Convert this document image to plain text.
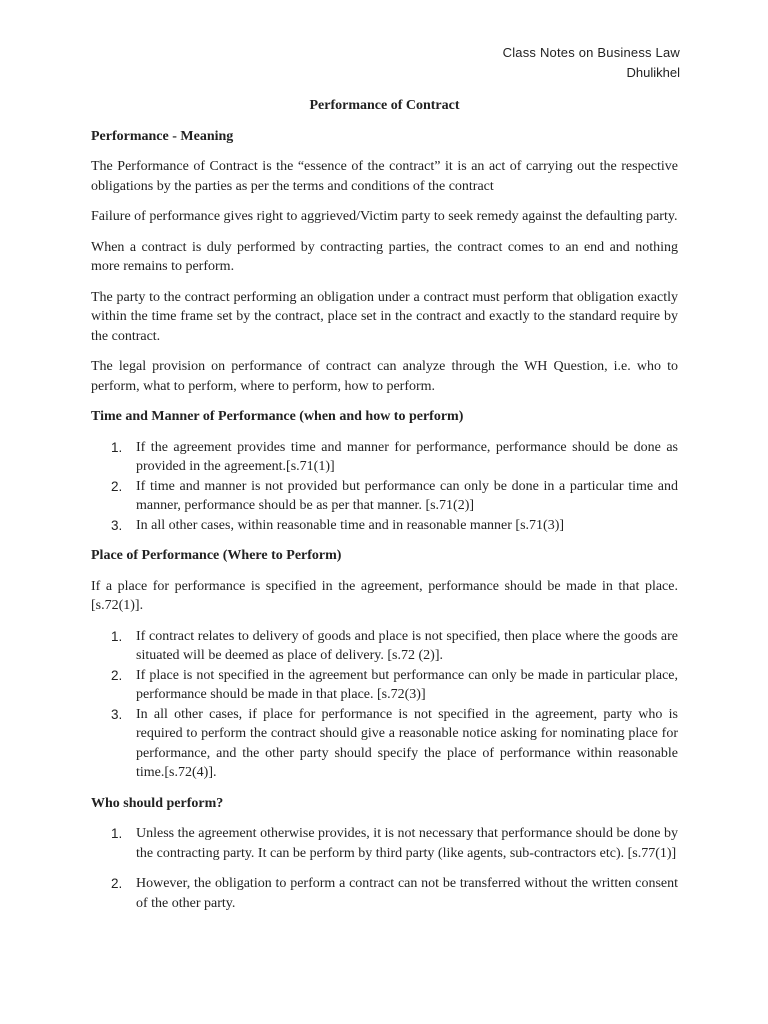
Class Notes on Business Law
Dhulikhel
Performance of Contract
Performance - Meaning

The Performance of Contract is the “essence of the contract” it is an act of carrying out the respective obligations by the parties as per the terms and conditions of the contract

Failure of performance gives right to aggrieved/Victim party to seek remedy against the defaulting party.

When a contract is duly performed by contracting parties, the contract comes to an end and nothing more remains to perform.

The party to the contract performing an obligation under a contract must perform that obligation exactly within the time frame set by the contract, place set in the contract and exactly to the standard require by the contract.

The legal provision on performance of contract can analyze through the WH Question, i.e. who to perform, what to perform, where to perform, how to perform.

Time and Manner of Performance (when and how to perform)
1. If the agreement provides time and manner for performance, performance should be done as provided in the agreement.[s.71(1)]
2. If time and manner is not provided but performance can only be done in a particular time and manner, performance should be as per that manner. [s.71(2)]
3. In all other cases, within reasonable time and in reasonable manner [s.71(3)]
Place of Performance (Where to Perform)

If a place for performance is specified in the agreement, performance should be made in that place. [s.72(1)].

1. If contract relates to delivery of goods and place is not specified, then place where the goods are situated will be deemed as place of delivery. [s.72 (2)].
2. If place is not specified in the agreement but performance can only be made in particular place, performance should be made in that place. [s.72(3)]
3. In all other cases, if place for performance is not specified in the agreement, party who is required to perform the contract should give a reasonable notice asking for nominating place for performance, and the other party should specify the place of performance within reasonable time.[s.72(4)].
Who should perform?
1. Unless the agreement otherwise provides, it is not necessary that performance should be done by the contracting party. It can be perform by third party (like agents, sub-contractors etc). [s.77(1)]
2. However, the obligation to perform a contract can not be transferred without the written consent of the other party.
